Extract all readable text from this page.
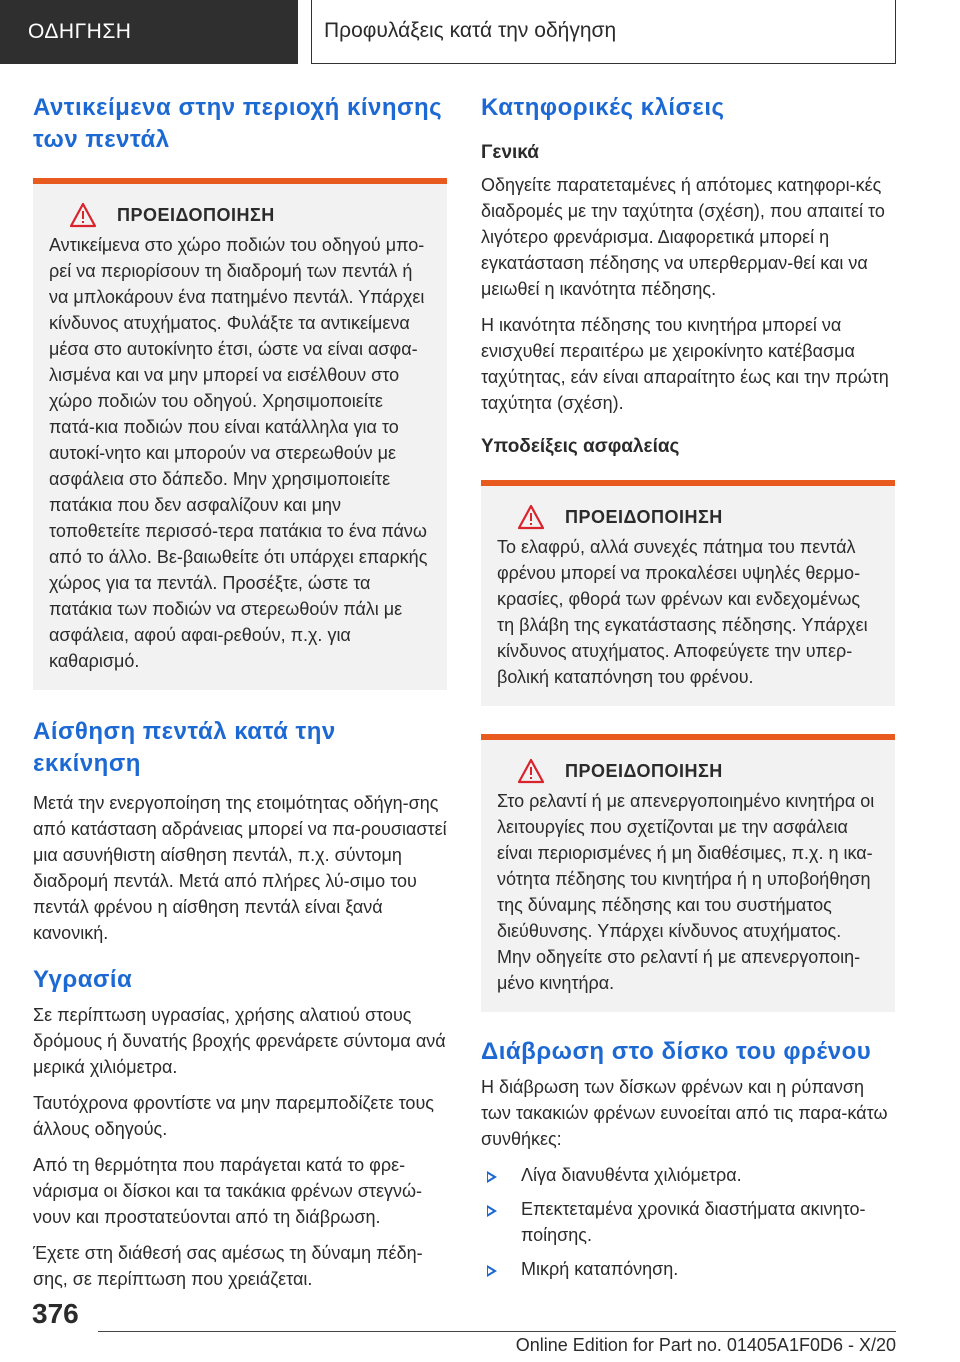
ΟΔΗΓΗΣΗ	Προφυλάξεις κατά την οδήγηση
Αντικείμενα στην περιοχή κίνησης των πεντάλ
ΠΡΟΕΙΔΟΠΟΙΗΣΗ

Αντικείμενα στο χώρο ποδιών του οδηγού μπο-ρεί να περιορίσουν τη διαδρομή των πεντάλ ή να μπλοκάρουν ένα πατημένο πεντάλ. Υπάρχει κίνδυνος ατυχήματος. Φυλάξτε τα αντικείμενα μέσα στο αυτοκίνητο έτσι, ώστε να είναι ασφα-λισμένα και να μην μπορεί να εισέλθουν στο χώρο ποδιών του οδηγού. Χρησιμοποιείτε πατά-κια ποδιών που είναι κατάλληλα για το αυτοκί-νητο και μπορούν να στερεωθούν με ασφάλεια στο δάπεδο. Μην χρησιμοποιείτε πατάκια που δεν ασφαλίζουν και μην τοποθετείτε περισσό-τερα πατάκια το ένα πάνω από το άλλο. Βε-βαιωθείτε ότι υπάρχει επαρκής χώρος για τα πεντάλ. Προσέξτε, ώστε τα πατάκια των ποδιών να στερεωθούν πάλι με ασφάλεια, αφού αφαι-ρεθούν, π.χ. για καθαρισμό.

Αίσθηση πεντάλ κατά την εκκίνηση

Μετά την ενεργοποίηση της ετοιμότητας οδήγη-σης από κατάσταση αδράνειας μπορεί να πα-ρουσιαστεί μια ασυνήθιστη αίσθηση πεντάλ, π.χ. σύντομη διαδρομή πεντάλ. Μετά από πλήρες λύ-σιμο του πεντάλ φρένου η αίσθηση πεντάλ είναι ξανά κανονική.

Υγρασία

Σε περίπτωση υγρασίας, χρήσης αλατιού στους δρόμους ή δυνατής βροχής φρενάρετε σύντομα ανά μερικά χιλιόμετρα.

Ταυτόχρονα φροντίστε να μην παρεμποδίζετε τους άλλους οδηγούς.

Από τη θερμότητα που παράγεται κατά το φρε-νάρισμα οι δίσκοι και τα τακάκια φρένων στεγνώ-νουν και προστατεύονται από τη διάβρωση.

Έχετε στη διάθεσή σας αμέσως τη δύναμη πέδη-σης, σε περίπτωση που χρειάζεται.

Κατηφορικές κλίσεις
Γενικά

Οδηγείτε παρατεταμένες ή απότομες κατηφορι-κές διαδρομές με την ταχύτητα (σχέση), που απαιτεί το λιγότερο φρενάρισμα. Διαφορετικά μπορεί η εγκατάσταση πέδησης να υπερθερμαν-θεί και να μειωθεί η ικανότητα πέδησης.

Η ικανότητα πέδησης του κινητήρα μπορεί να ενισχυθεί περαιτέρω με χειροκίνητο κατέβασμα ταχύτητας, εάν είναι απαραίτητο έως και την πρώτη ταχύτητα (σχέση).

Υποδείξεις ασφαλείας
ΠΡΟΕΙΔΟΠΟΙΗΣΗ

Το ελαφρύ, αλλά συνεχές πάτημα του πεντάλ φρένου μπορεί να προκαλέσει υψηλές θερμο-κρασίες, φθορά των φρένων και ενδεχομένως τη βλάβη της εγκατάστασης πέδησης. Υπάρχει κίνδυνος ατυχήματος. Αποφεύγετε την υπερ-βολική καταπόνηση του φρένου.

ΠΡΟΕΙΔΟΠΟΙΗΣΗ

Στο ρελαντί ή με απενεργοποιημένο κινητήρα οι λειτουργίες που σχετίζονται με την ασφάλεια είναι περιορισμένες ή μη διαθέσιμες, π.χ. η ικα-νότητα πέδησης του κινητήρα ή η υποβοήθηση της δύναμης πέδησης και του συστήματος διεύθυνσης. Υπάρχει κίνδυνος ατυχήματος. Μην οδηγείτε στο ρελαντί ή με απενεργοποιη-μένο κινητήρα.

Διάβρωση στο δίσκο του φρένου

Η διάβρωση των δίσκων φρένων και η ρύπανση των τακακιών φρένων ευνοείται από τις παρα-κάτω συνθήκες:

Λίγα διανυθέντα χιλιόμετρα.
Επεκτεταμένα χρονικά διαστήματα ακινητο-ποίησης.
Μικρή καταπόνηση.
376
Online Edition for Part no. 01405A1F0D6 - X/20
